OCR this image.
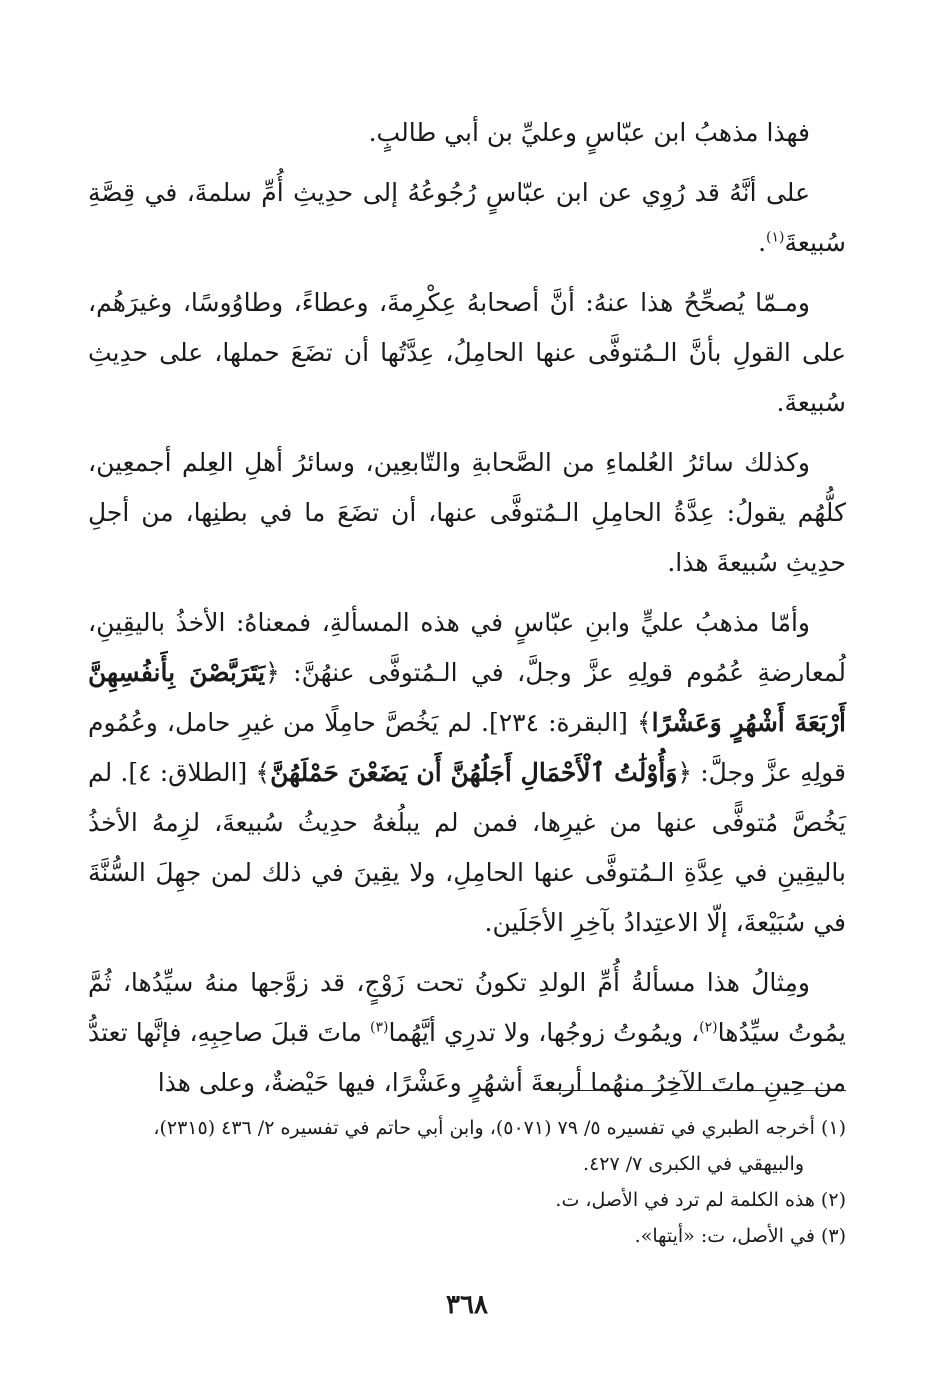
فهذا مذهبُ ابن عبّاسٍ وعليِّ بن أبي طالبٍ.

على أنَّهُ قد رُوِي عن ابن عبّاسٍ رُجُوعُهُ إلى حدِيثِ أُمِّ سلمةَ، في قِصَّةِ سُبيعةَ$^{(١)}$.

ومـمّا يُصحِّحُ هذا عنهُ: أنَّ أصحابهُ عِكْرِمةَ، وعطاءً، وطاوُوسًا، وغيرَهُم، على القولِ بأنَّ الـمُتوفَّى عنها الحامِلُ، عِدَّتُها أن تضَعَ حملها، على حدِيثِ سُبيعةَ.

وكذلك سائرُ العُلماءِ من الصَّحابةِ والتّابعِين، وسائرُ أهلِ العِلم أجمعِين، كلُّهُم يقولُ: عِدَّةُ الحامِلِ الـمُتوفَّى عنها، أن تضَعَ ما في بطنِها، من أجلِ حدِيثِ سُبيعةَ هذا.

وأمّا مذهبُ عليٍّ وابنِ عبّاسٍ في هذه المسألةِ، فمعناهُ: الأخذُ باليقِينِ، لُمعارضةِ عُمُوم قولِهِ عزَّ وجلَّ، في الـمُتوفَّى عنهُنَّ: ﴿يَتَرَبَّصْنَ بِأَنفُسِهِنَّ أَرْبَعَةَ أَشْهُرٍ وَعَشْرًا﴾ [البقرة: ٢٣٤]. لم يَخُصَّ حامِلًا من غيرِ حامل، وعُمُوم قولِهِ عزَّ وجلَّ: ﴿وَأُوْلَٰتُ ٱلْأَحْمَالِ أَجَلُهُنَّ أَن يَضَعْنَ حَمْلَهُنَّ﴾ [الطلاق: ٤]. لم يَخُصَّ مُتوفًّى عنها من غيرِها، فمن لم يبلُغهُ حدِيثُ سُبيعةَ، لزِمهُ الأخذُ باليقِينِ في عِدَّةِ الـمُتوفَّى عنها الحامِلِ، ولا يقِينَ في ذلك لمن جهِلَ السُّنَّةَ في سُبَيْعةَ، إلّا الاعتِدادُ بآخِرِ الأجَلَين.

ومِثالُ هذا مسألةُ أُمِّ الولدِ تكونُ تحت زَوْجٍ، قد زوَّجها منهُ سيِّدُها، ثُمَّ يمُوتُ سيِّدُها$^{(٢)}$، ويمُوتُ زوجُها، ولا تدرِي أيَّهُما$^{(٣)}$ ماتَ قبلَ صاحِبِهِ، فإنَّها تعتدُّ من حِينِ ماتَ الآخِرُ منهُما أربعةَ أشهُرٍ وعَشْرًا، فيها حَيْضةٌ، وعلى هذا

(١) أخرجه الطبري في تفسيره ٥/ ٧٩ (٥٠٧١)، وابن أبي حاتم في تفسيره ٢/ ٤٣٦ (٢٣١٥)،
والبيهقي في الكبرى ٧/ ٤٢٧.

(٢) هذه الكلمة لم ترد في الأصل، ت.

(٣) في الأصل، ت: «أيتها».

٣٦٨
